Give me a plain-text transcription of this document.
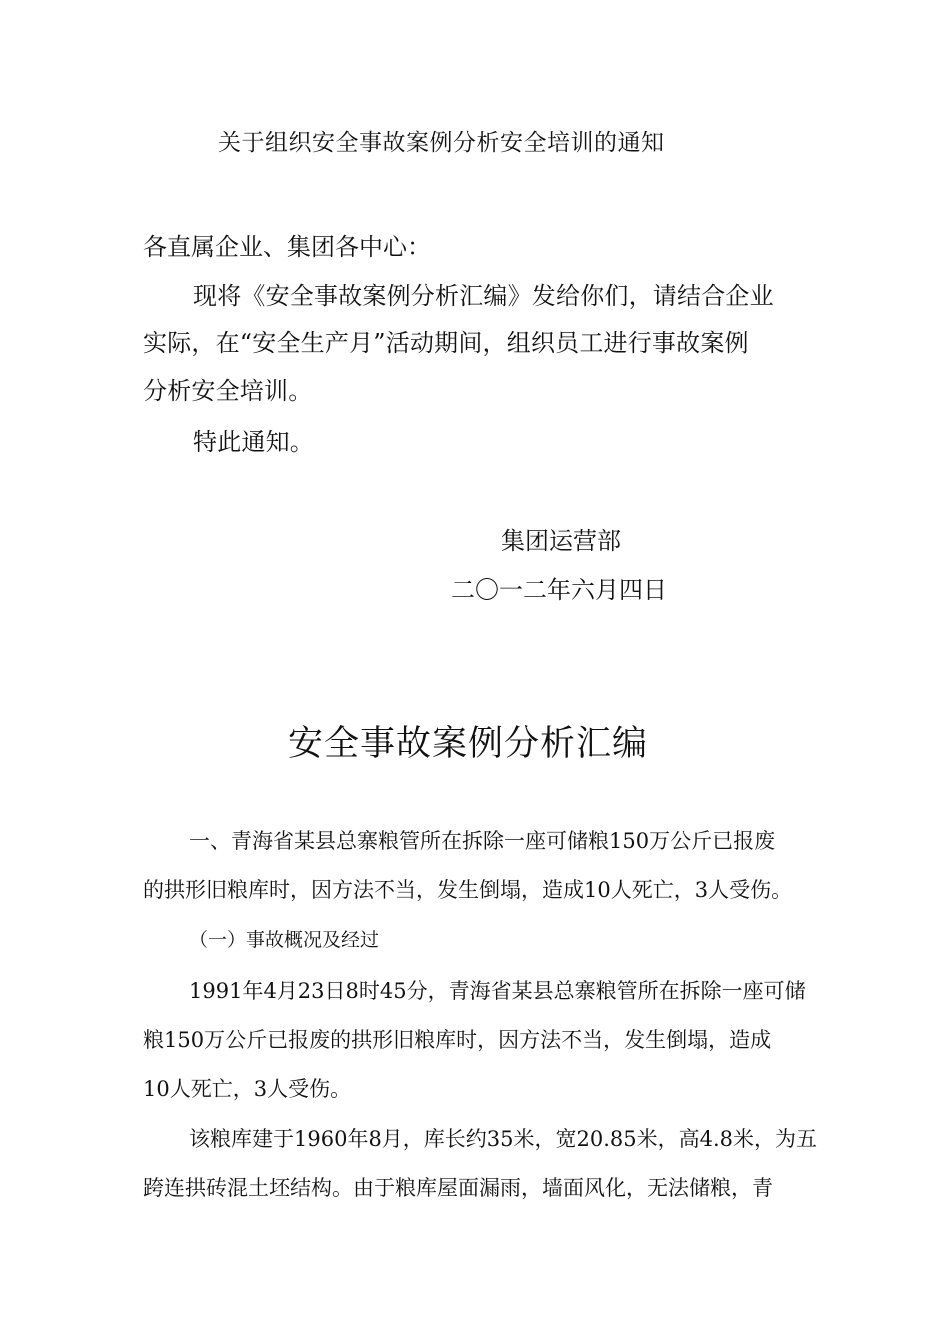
关于组织安全事故案例分析安全培训的通知

各直属企业、集团各中心：

现将《安全事故案例分析汇编》发给你们，请结合企业

实际，在“安全生产月”活动期间，组织员工进行事故案例

分析安全培训。

特此通知。

集团运营部

二〇一二年六月四日

安全事故案例分析汇编

一、青海省某县总寨粮管所在拆除一座可储粮150万公斤已报废

的拱形旧粮库时，因方法不当，发生倒塌，造成10人死亡，3人受伤。

（一）事故概况及经过

1991年4月23日8时45分，青海省某县总寨粮管所在拆除一座可储

粮150万公斤已报废的拱形旧粮库时，因方法不当，发生倒塌，造成

10人死亡，3人受伤。

该粮库建于1960年8月，库长约35米，宽20.85米，高4.8米，为五

跨连拱砖混土坯结构。由于粮库屋面漏雨，墙面风化，无法储粮，青
